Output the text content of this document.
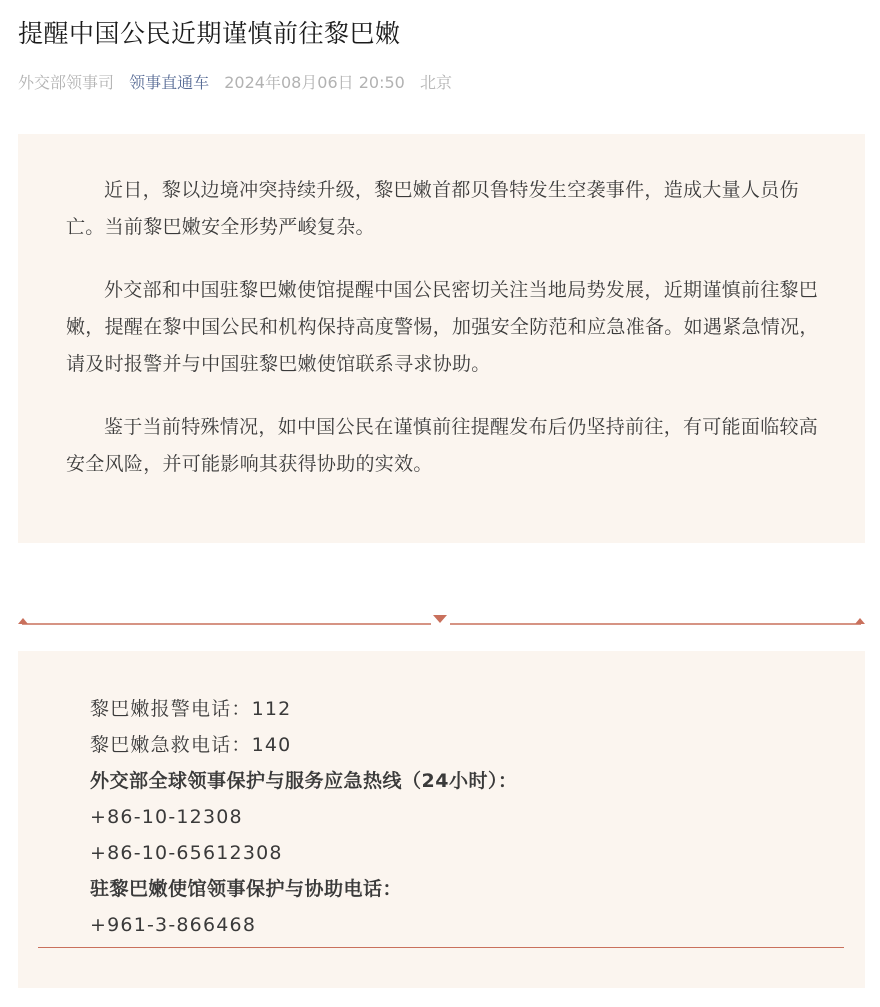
提醒中国公民近期谨慎前往黎巴嫩
外交部领事司 领事直通车 2024年08月06日 20:50 北京

近日，黎以边境冲突持续升级，黎巴嫩首都贝鲁特发生空袭事件，造成大量人员伤亡。当前黎巴嫩安全形势严峻复杂。

外交部和中国驻黎巴嫩使馆提醒中国公民密切关注当地局势发展，近期谨慎前往黎巴嫩，提醒在黎中国公民和机构保持高度警惕，加强安全防范和应急准备。如遇紧急情况，请及时报警并与中国驻黎巴嫩使馆联系寻求协助。

鉴于当前特殊情况，如中国公民在谨慎前往提醒发布后仍坚持前往，有可能面临较高安全风险，并可能影响其获得协助的实效。

黎巴嫩报警电话：112
黎巴嫩急救电话：140
外交部全球领事保护与服务应急热线（24小时）：
+86-10-12308
+86-10-65612308
驻黎巴嫩使馆领事保护与协助电话：
+961-3-866468
